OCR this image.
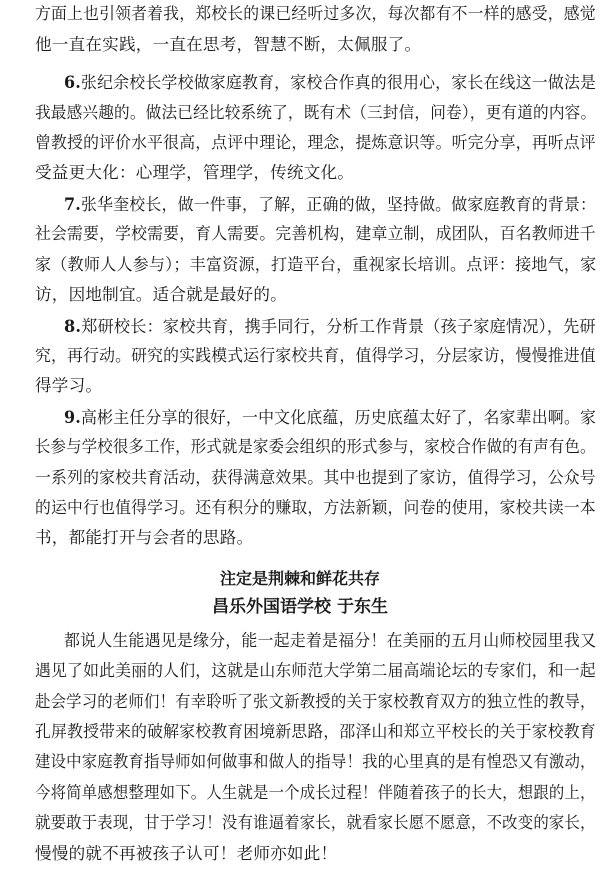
方面上也引领者着我，郑校长的课已经听过多次，每次都有不一样的感受，感觉
他一直在实践，一直在思考，智慧不断，太佩服了。
6.张纪余校长学校做家庭教育，家校合作真的很用心，家长在线这一做法是
我最感兴趣的。做法已经比较系统了，既有术（三封信，问卷），更有道的内容。
曾教授的评价水平很高，点评中理论，理念，提炼意识等。听完分享，再听点评
受益更大化：心理学，管理学，传统文化。
7.张华奎校长，做一件事，了解，正确的做，坚持做。做家庭教育的背景：
社会需要，学校需要，育人需要。完善机构，建章立制，成团队，百名教师进千
家（教师人人参与）；丰富资源，打造平台，重视家长培训。点评：接地气，家
访，因地制宜。适合就是最好的。
8.郑研校长：家校共育，携手同行，分析工作背景（孩子家庭情况），先研
究，再行动。研究的实践模式运行家校共育，值得学习，分层家访，慢慢推进值
得学习。
9.高彬主任分享的很好，一中文化底蕴，历史底蕴太好了，名家辈出啊。家
长参与学校很多工作，形式就是家委会组织的形式参与，家校合作做的有声有色。
一系列的家校共育活动，获得满意效果。其中也提到了家访，值得学习，公众号
的运中行也值得学习。还有积分的赚取，方法新颖，问卷的使用，家校共读一本
书，都能打开与会者的思路。
注定是荆棘和鲜花共存
昌乐外国语学校 于东生
都说人生能遇见是缘分，能一起走着是福分！在美丽的五月山师校园里我又
遇见了如此美丽的人们，这就是山东师范大学第二届高端论坛的专家们，和一起
赴会学习的老师们！有幸聆听了张文新教授的关于家校教育双方的独立性的教导，
孔屏教授带来的破解家校教育困境新思路，邵泽山和郑立平校长的关于家校教育
建设中家庭教育指导师如何做事和做人的指导！我的心里真的是有惶恐又有激动，
今将简单感想整理如下。人生就是一个成长过程！伴随着孩子的长大，想跟的上，
就要敢于表现，甘于学习！没有谁逼着家长，就看家长愿不愿意，不改变的家长，
慢慢的就不再被孩子认可！老师亦如此！
